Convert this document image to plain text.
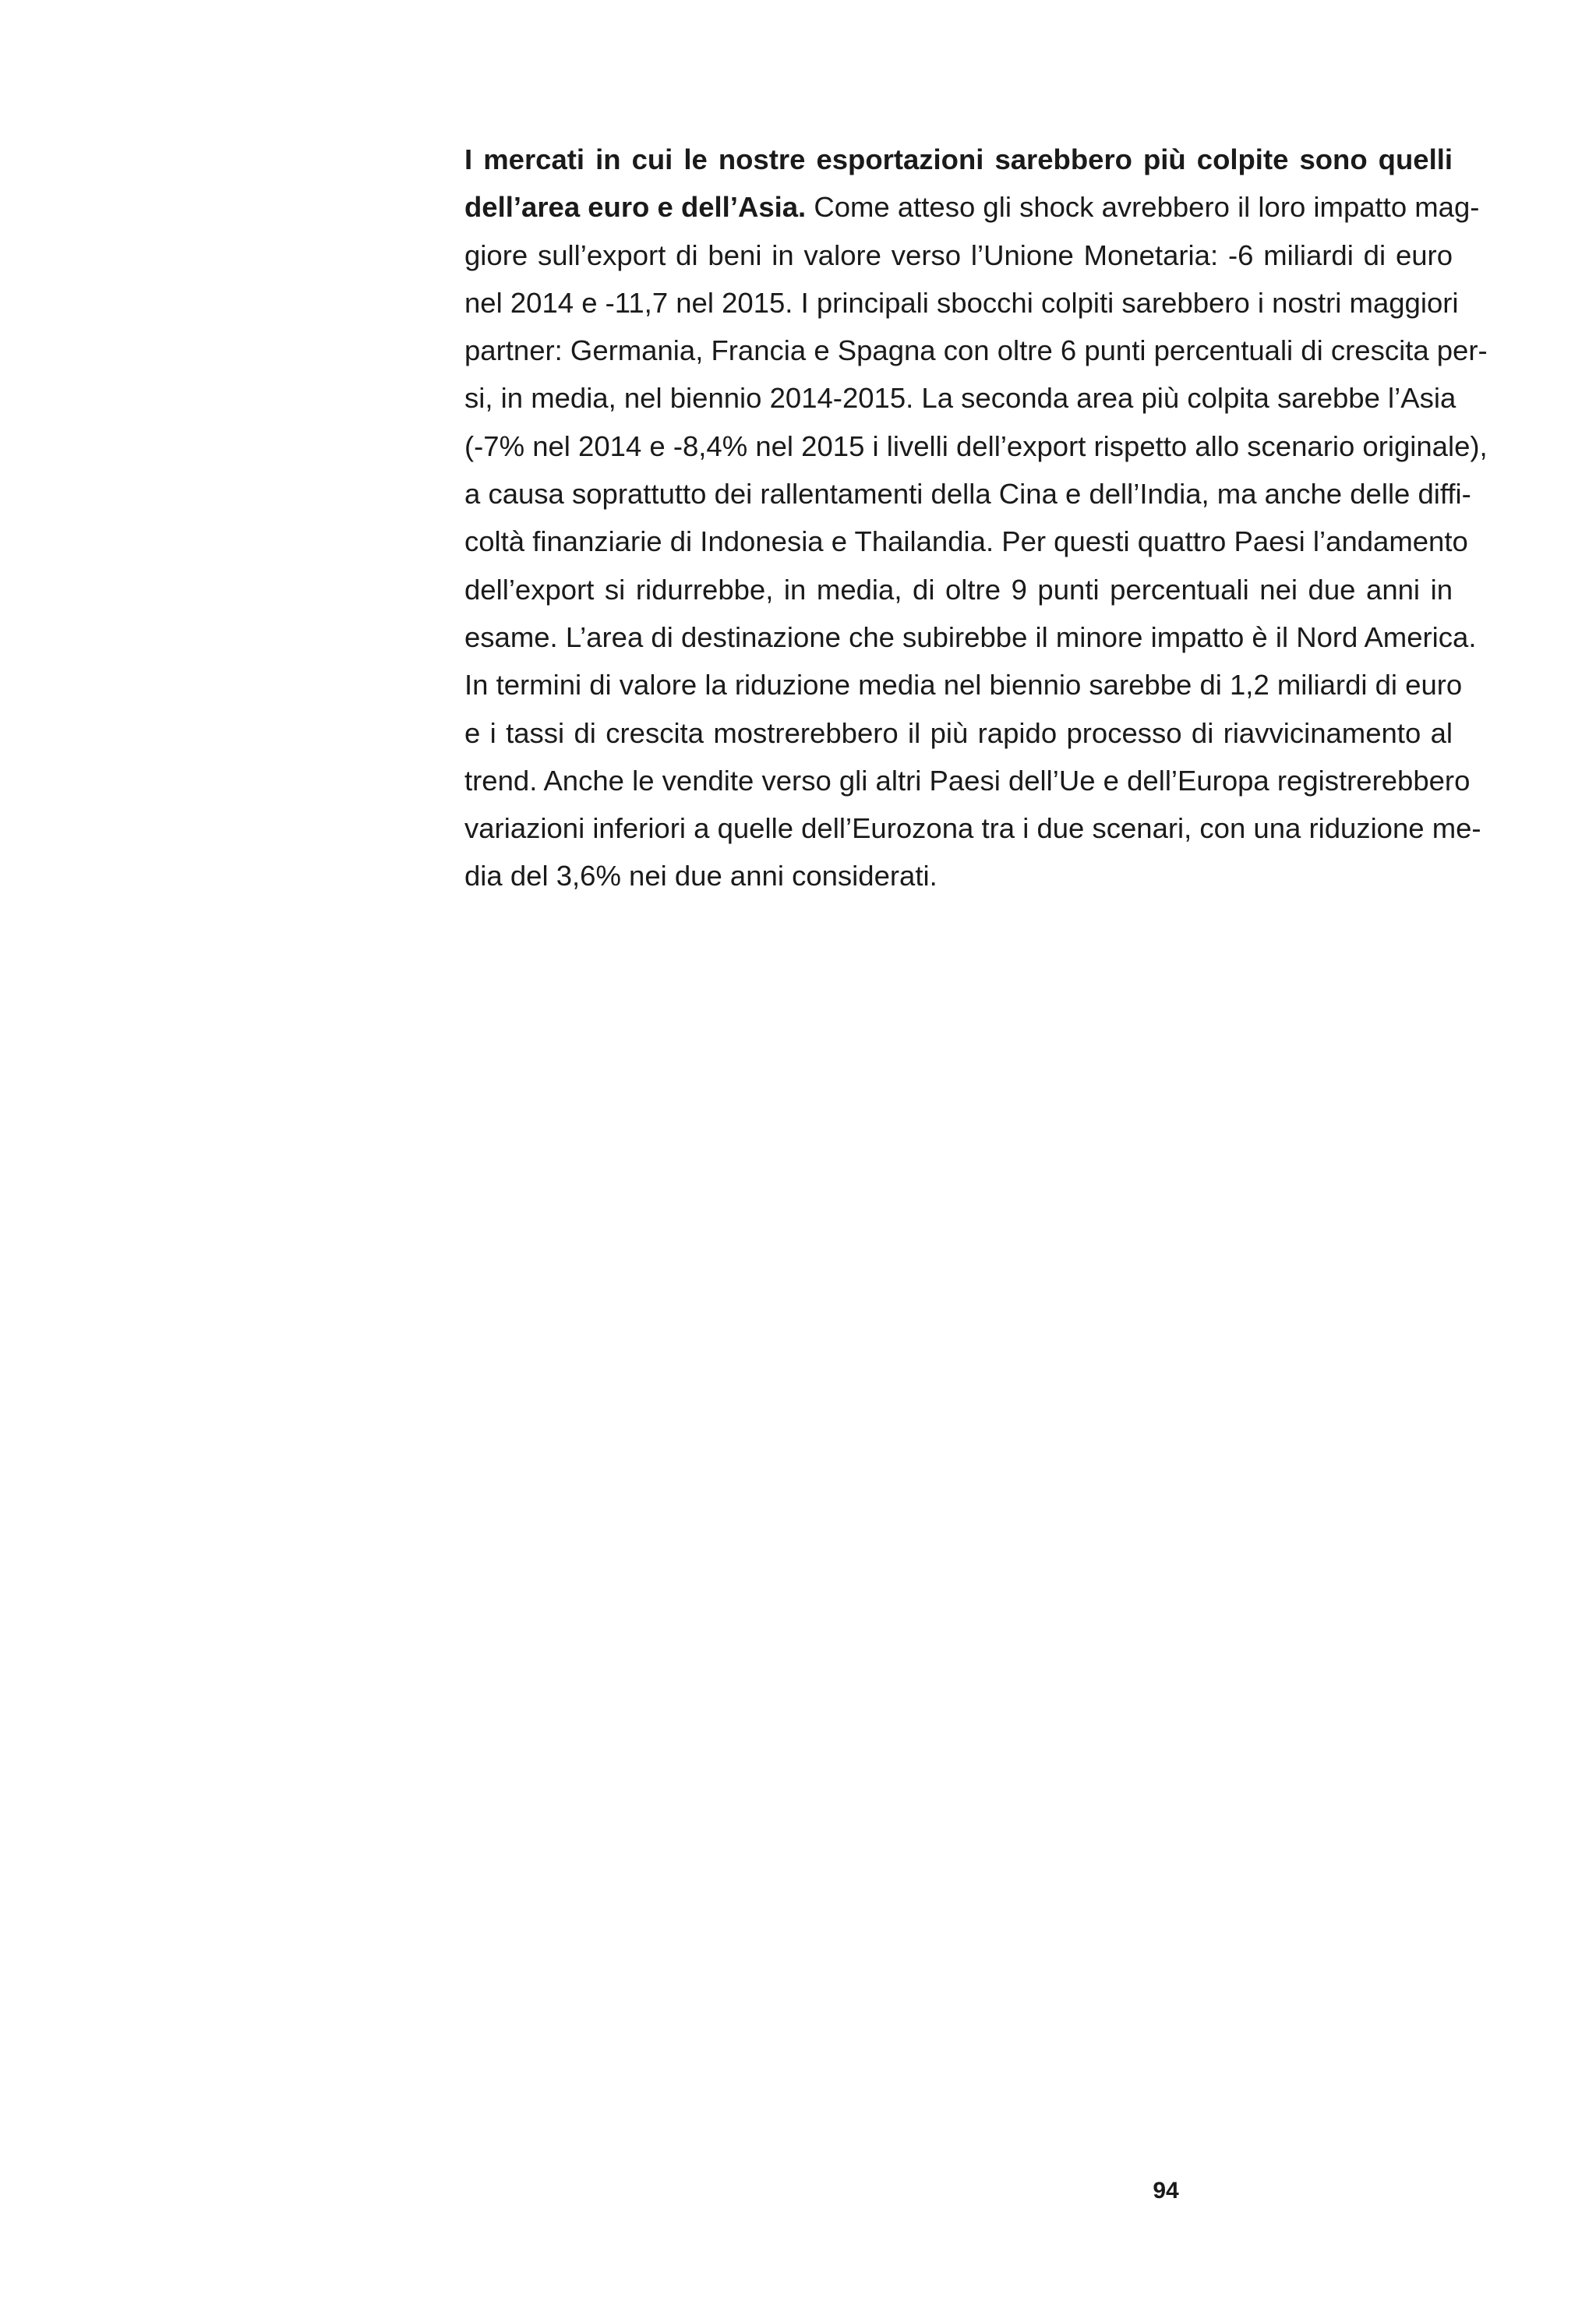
I mercati in cui le nostre esportazioni sarebbero più colpite sono quelli
dell’area euro e dell’Asia. Come atteso gli shock avrebbero il loro impatto mag-
giore sull’export di beni in valore verso l’Unione Monetaria: -6 miliardi di euro
nel 2014 e -11,7 nel 2015. I principali sbocchi colpiti sarebbero i nostri maggiori
partner: Germania, Francia e Spagna con oltre 6 punti percentuali di crescita per-
si, in media, nel biennio 2014-2015. La seconda area più colpita sarebbe l’Asia
(-7% nel 2014 e -8,4% nel 2015 i livelli dell’export rispetto allo scenario originale),
a causa soprattutto dei rallentamenti della Cina e dell’India, ma anche delle diffi-
coltà finanziarie di Indonesia e Thailandia. Per questi quattro Paesi l’andamento
dell’export si ridurrebbe, in media, di oltre 9 punti percentuali nei due anni in
esame. L’area di destinazione che subirebbe il minore impatto è il Nord America.
In termini di valore la riduzione media nel biennio sarebbe di 1,2 miliardi di euro
e i tassi di crescita mostrerebbero il più rapido processo di riavvicinamento al
trend. Anche le vendite verso gli altri Paesi dell’Ue e dell’Europa registrerebbero
variazioni inferiori a quelle dell’Eurozona tra i due scenari, con una riduzione me-
dia del 3,6% nei due anni considerati.
94
